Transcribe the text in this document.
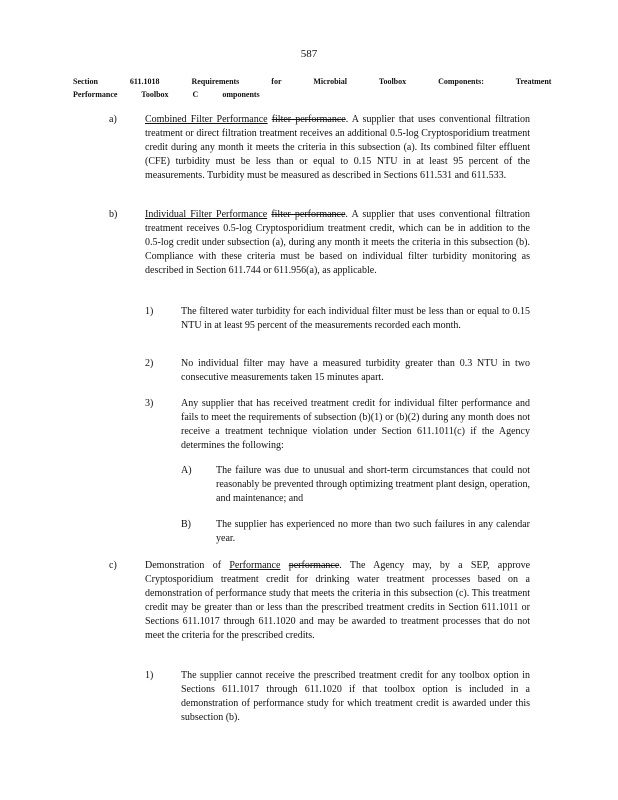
587
Section 611.1018 Requirements for Microbial Toolbox Components: Treatment
Performance Toolbox C omponents
a)	Combined Filter Performance filter performance. A supplier that uses conventional filtration treatment or direct filtration treatment receives an additional 0.5-log Cryptosporidium treatment credit during any month it meets the criteria in this subsection (a). Its combined filter effluent (CFE) turbidity must be less than or equal to 0.15 NTU in at least 95 percent of the measurements. Turbidity must be measured as described in Sections 611.531 and 611.533.
b)	Individual Filter Performance filter performance. A supplier that uses conventional filtration treatment receives 0.5-log Cryptosporidium treatment credit, which can be in addition to the 0.5-log credit under subsection (a), during any month it meets the criteria in this subsection (b). Compliance with these criteria must be based on individual filter turbidity monitoring as described in Section 611.744 or 611.956(a), as applicable.
1)	The filtered water turbidity for each individual filter must be less than or equal to 0.15 NTU in at least 95 percent of the measurements recorded each month.
2)	No individual filter may have a measured turbidity greater than 0.3 NTU in two consecutive measurements taken 15 minutes apart.
3)	Any supplier that has received treatment credit for individual filter performance and fails to meet the requirements of subsection (b)(1) or (b)(2) during any month does not receive a treatment technique violation under Section 611.1011(c) if the Agency determines the following:
A) The failure was due to unusual and short-term circumstances that could not reasonably be prevented through optimizing treatment plant design, operation, and maintenance; and
B)	The supplier has experienced no more than two such failures in any calendar year.
c)	Demonstration of Performance performance. The Agency may, by a SEP, approve Cryptosporidium treatment credit for drinking water treatment processes based on a demonstration of performance study that meets the criteria in this subsection (c). This treatment credit may be greater than or less than the prescribed treatment credits in Section 611.1011 or Sections 611.1017 through 611.1020 and may be awarded to treatment processes that do not meet the criteria for the prescribed credits.
1)	The supplier cannot receive the prescribed treatment credit for any toolbox option in Sections 611.1017 through 611.1020 if that toolbox option is included in a demonstration of performance study for which treatment credit is awarded under this subsection (b).
